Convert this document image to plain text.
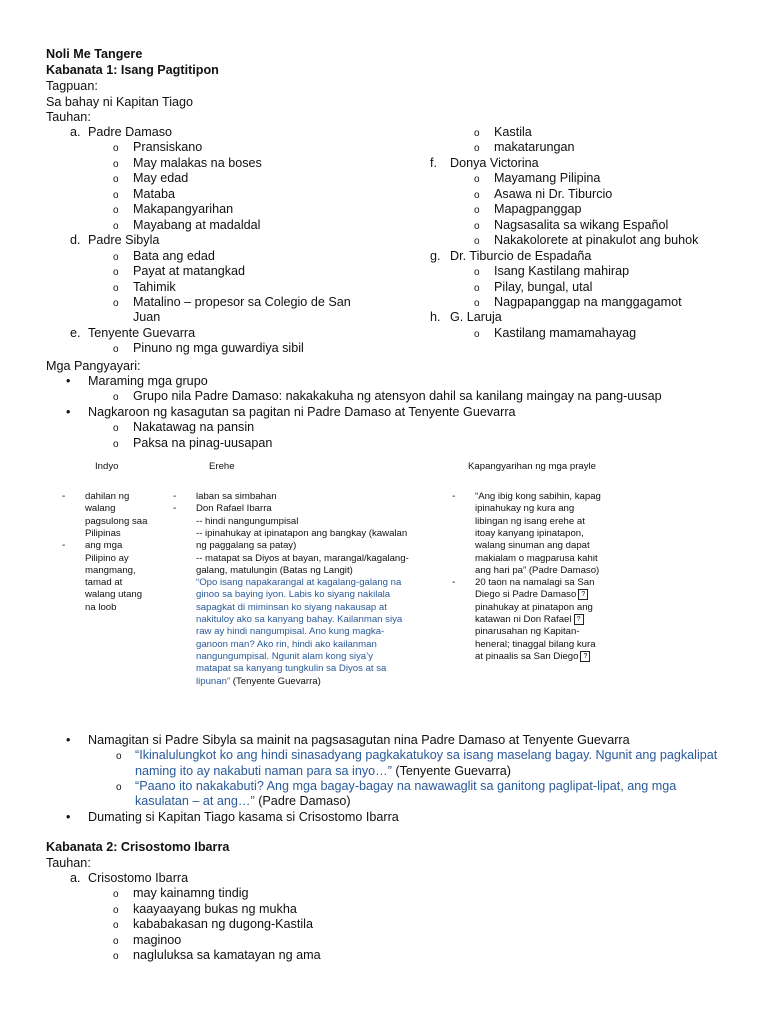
Noli Me Tangere
Kabanata 1: Isang Pagtitipon
Tagpuan:
Sa bahay ni Kapitan Tiago
Tauhan:
Mga Pangyayari:
Indyo	Erehe	Kapangyarihan ng mga prayle
Kabanata 2: Crisostomo Ibarra
Tauhan:
a. Padre Damaso
o Pransiskano
o May malakas na boses
o May edad
o Mataba
o Makapangyarihan
o Mayabang at madaldal
d. Padre Sibyla
o Bata ang edad
o Payat at matangkad
o Tahimik
o Matalino – propesor sa Colegio de San
Juan
e. Tenyente Guevarra
o Pinuno ng mga guwardiya sibil
o Kastila
o makatarungan
f. Donya Victorina
o Mayamang Pilipina
o Asawa ni Dr. Tiburcio
o Mapagpanggap
o Nagsasalita sa wikang Español
o Nakakolorete at pinakulot ang buhok
g. Dr. Tiburcio de Espadaña
o Isang Kastilang mahirap
o Pilay, bungal, utal
o Nagpapanggap na manggagamot
h. G. Laruja
o Kastilang mamamahayag
• Maraming mga grupo
o Grupo nila Padre Damaso: nakakakuha ng atensyon dahil sa kanilang maingay na pang-uusap
• Nagkaroon ng kasagutan sa pagitan ni Padre Damaso at Tenyente Guevarra
o Nakatawag na pansin
o Paksa na pinag-uusapan
- dahilan ng
walang
pagsulong saa
Pilipinas
- ang mga
Pilipino ay
mangmang,
tamad at
walang utang
na loob
- laban sa simbahan
- Don Rafael Ibarra
-- hindi nangungumpisal
-- ipinahukay at ipinatapon ang bangkay (kawalan
ng paggalang sa patay)
-- matapat sa Diyos at bayan, marangal/kagalang-
galang, matulungin (Batas ng Langit)
“Opo isang napakarangal at kagalang-galang na
ginoo sa baying iyon. Labis ko siyang nakilala
sapagkat di miminsan ko siyang nakausap at
nakituloy ako sa kanyang bahay. Kailanman siya
raw ay hindi nangumpisal. Ano kung magka-
ganoon man? Ako rin, hindi ako kailanman
nangungumpisal. Ngunit alam kong siya’y
matapat sa kanyang tungkulin sa Diyos at sa
lipunan” (Tenyente Guevarra)
- “Ang ibig kong sabihin, kapag
ipinahukay ng kura ang
libingan ng isang erehe at
itoay kanyang ipinatapon,
walang sinuman ang dapat
makialam o magparusa kahit
ang hari pa” (Padre Damaso)
- 20 taon na namalagi sa San
Diego si Padre Damaso ?
pinahukay at pinatapon ang
katawan ni Don Rafael ?
pinarusahan ng Kapitan-
heneral; tinaggal bilang kura
at pinaalis sa San Diego ?
• Namagitan si Padre Sibyla sa mainit na pagsasagutan nina Padre Damaso at Tenyente Guevarra
o “Ikinalulungkot ko ang hindi sinasadyang pagkakatukoy sa isang maselang bagay. Ngunit ang pagkalipat
naming ito ay nakabuti naman para sa inyo…” (Tenyente Guevarra)
o “Paano ito nakakabuti? Ang mga bagay-bagay na nawawaglit sa ganitong paglipat-lipat, ang mga
kasulatan – at ang…” (Padre Damaso)
• Dumating si Kapitan Tiago kasama si Crisostomo Ibarra
a. Crisostomo Ibarra
o may kainamng tindig
o kaayaayang bukas ng mukha
o kababakasan ng dugong-Kastila
o maginoo
o nagluluksa sa kamatayan ng ama
